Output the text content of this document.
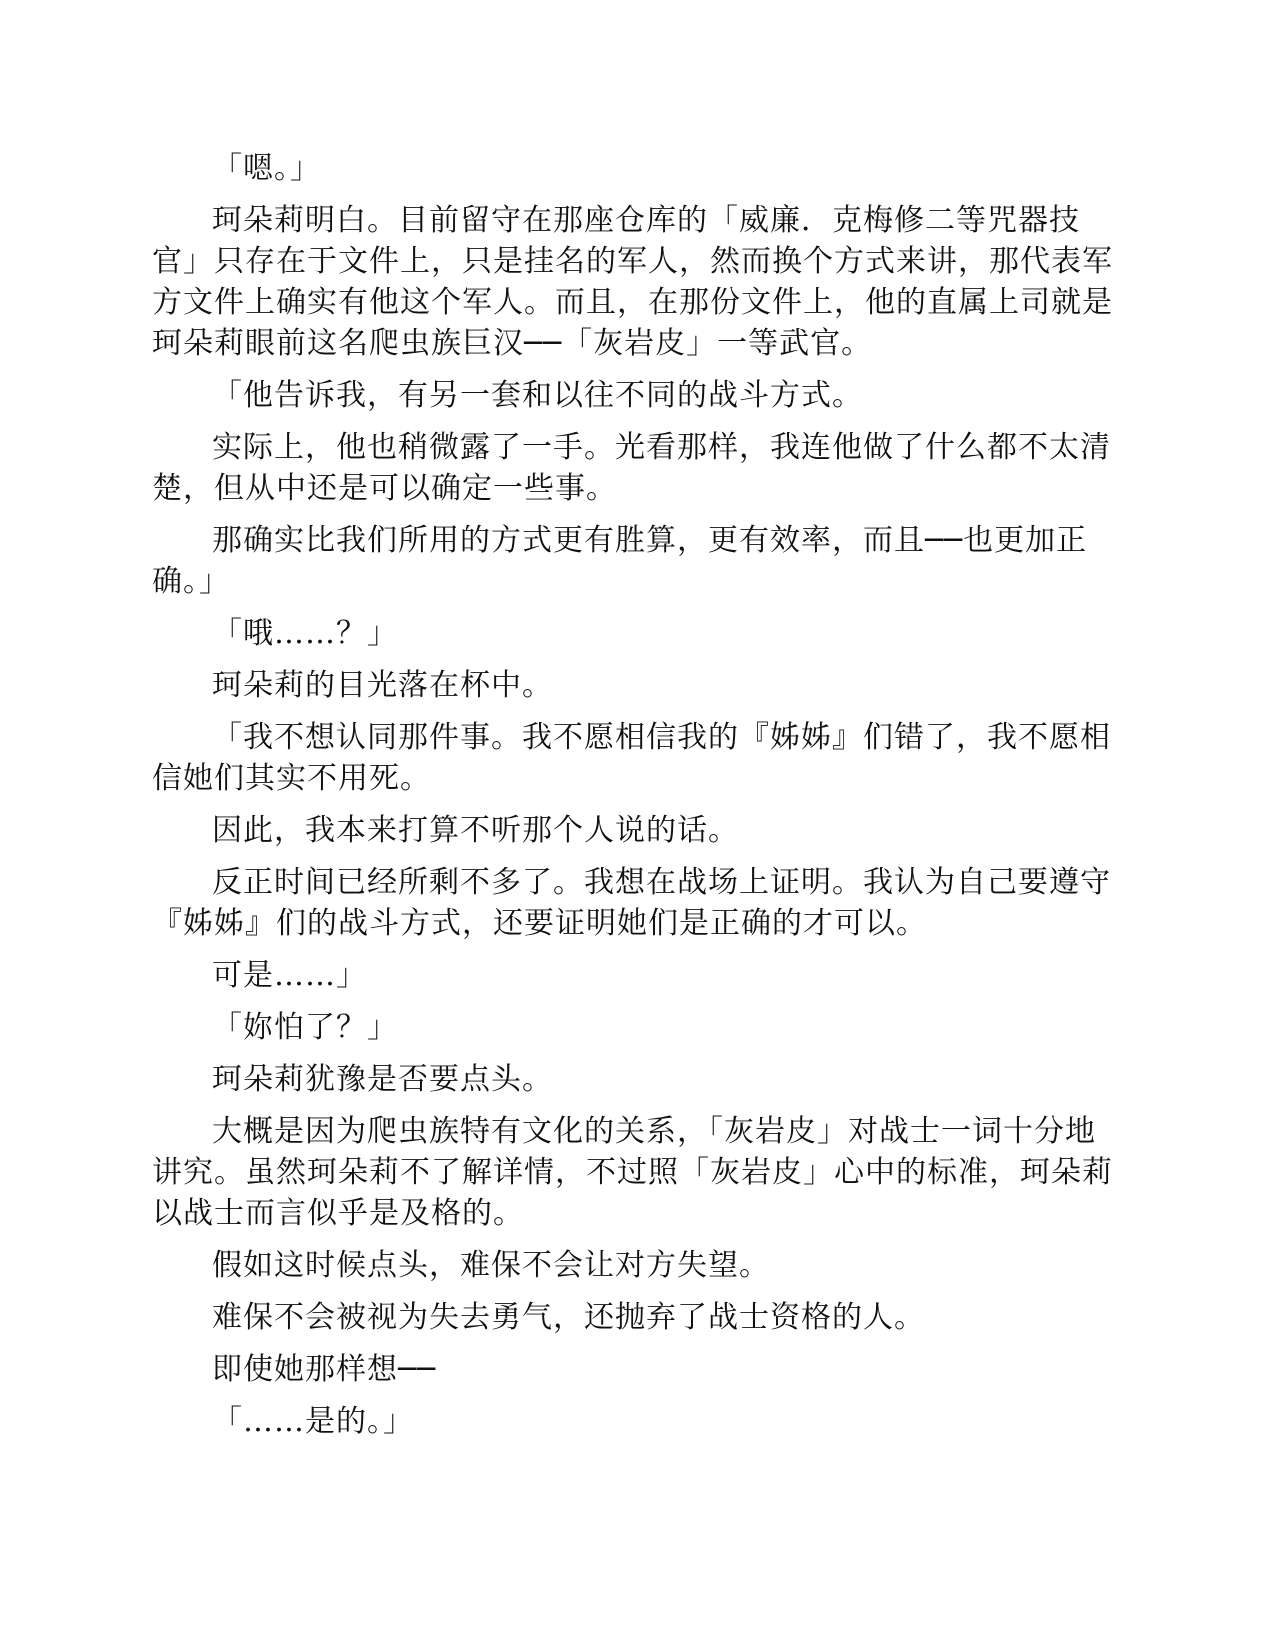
「嗯。」

珂朵莉明白。目前留守在那座仓库的「威廉．克梅修二等咒器技官」只存在于文件上，只是挂名的军人，然而换个方式来讲，那代表军方文件上确实有他这个军人。而且，在那份文件上，他的直属上司就是珂朵莉眼前这名爬虫族巨汉──「灰岩皮」一等武官。

「他告诉我，有另一套和以往不同的战斗方式。

实际上，他也稍微露了一手。光看那样，我连他做了什么都不太清楚，但从中还是可以确定一些事。

那确实比我们所用的方式更有胜算，更有效率，而且──也更加正确。」

「哦……？」

珂朵莉的目光落在杯中。

「我不想认同那件事。我不愿相信我的『姊姊』们错了，我不愿相信她们其实不用死。

因此，我本来打算不听那个人说的话。

反正时间已经所剩不多了。我想在战场上证明。我认为自己要遵守『姊姊』们的战斗方式，还要证明她们是正确的才可以。

可是……」

「妳怕了？」

珂朵莉犹豫是否要点头。

大概是因为爬虫族特有文化的关系，「灰岩皮」对战士一词十分地讲究。虽然珂朵莉不了解详情，不过照「灰岩皮」心中的标准，珂朵莉以战士而言似乎是及格的。

假如这时候点头，难保不会让对方失望。

难保不会被视为失去勇气，还抛弃了战士资格的人。

即使她那样想──

「……是的。」
